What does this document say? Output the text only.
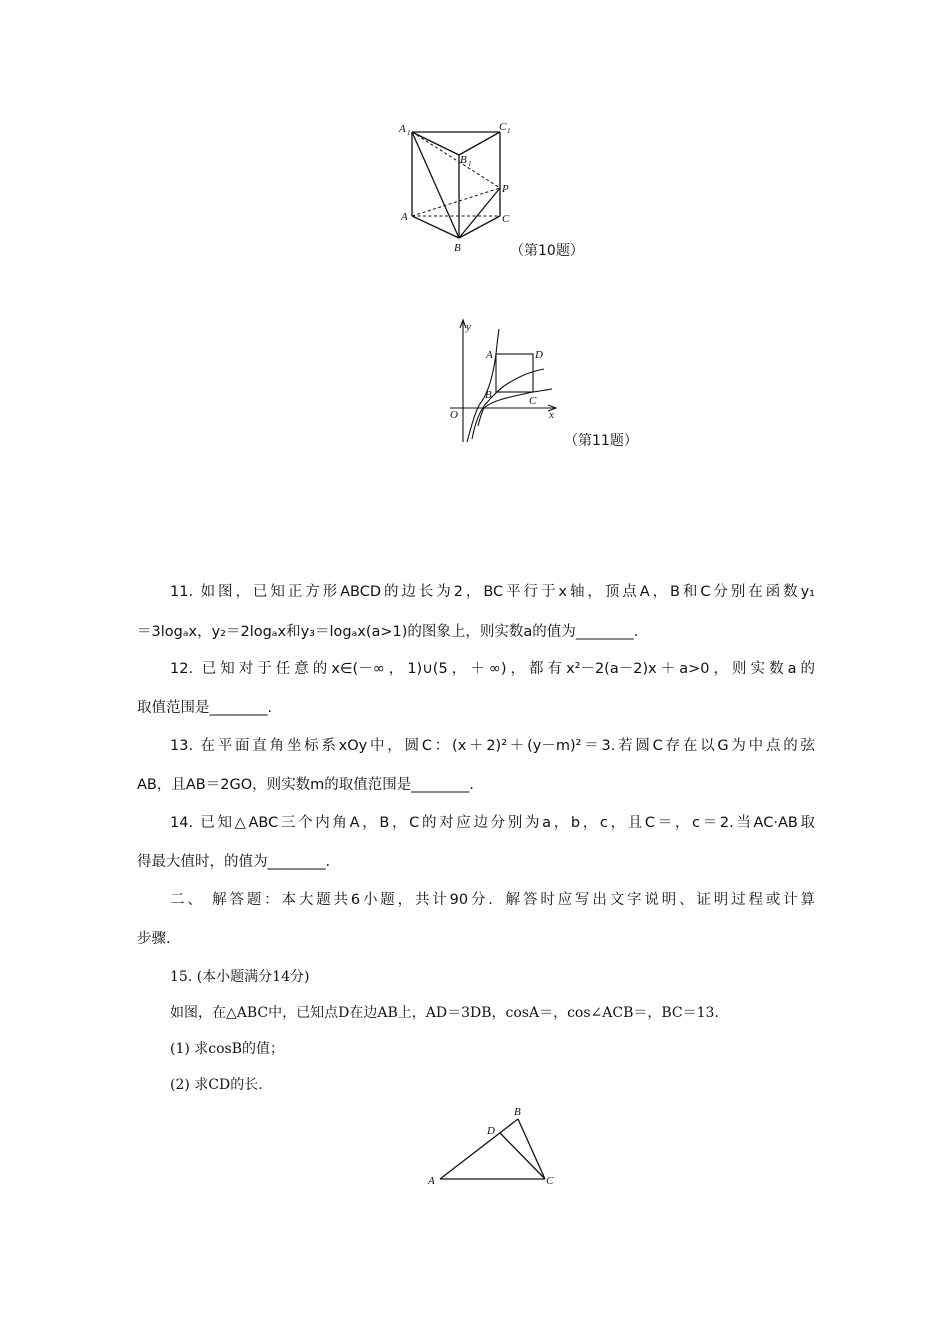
A 1
B 1
C 1
P
A
B
C
（第10题）
y
x
O
A	D
B	C
（第11题）
11. 如图，已知正方形ABCD的边长为2，BC平行于x轴，顶点A，B和C分别在函数y₁
＝3logₐx，y₂＝2logₐx和y₃＝logₐx(a>1)的图象上，则实数a的值为________.
12. 已知对于任意的x∈(－∞，1)∪(5，＋∞)，都有x²－2(a－2)x＋a>0，则实数a的
取值范围是________.
13. 在平面直角坐标系xOy中，圆C：(x＋2)²＋(y－m)²＝3.若圆C存在以G为中点的弦
AB，且AB＝2GO，则实数m的取值范围是________.
14. 已知△ABC三个内角A，B，C的对应边分别为a，b，c，且C＝，c＝2.当AC·AB取
得最大值时，的值为________.
二、 解答题：本大题共6小题，共计90分．解答时应写出文字说明、证明过程或计算
步骤.
15. (本小题满分14分)
如图，在△ABC中，已知点D在边AB上，AD＝3DB，cosA＝，cos∠ACB＝，BC＝13.
(1) 求cosB的值；
(2) 求CD的长.
A
B
C
D
